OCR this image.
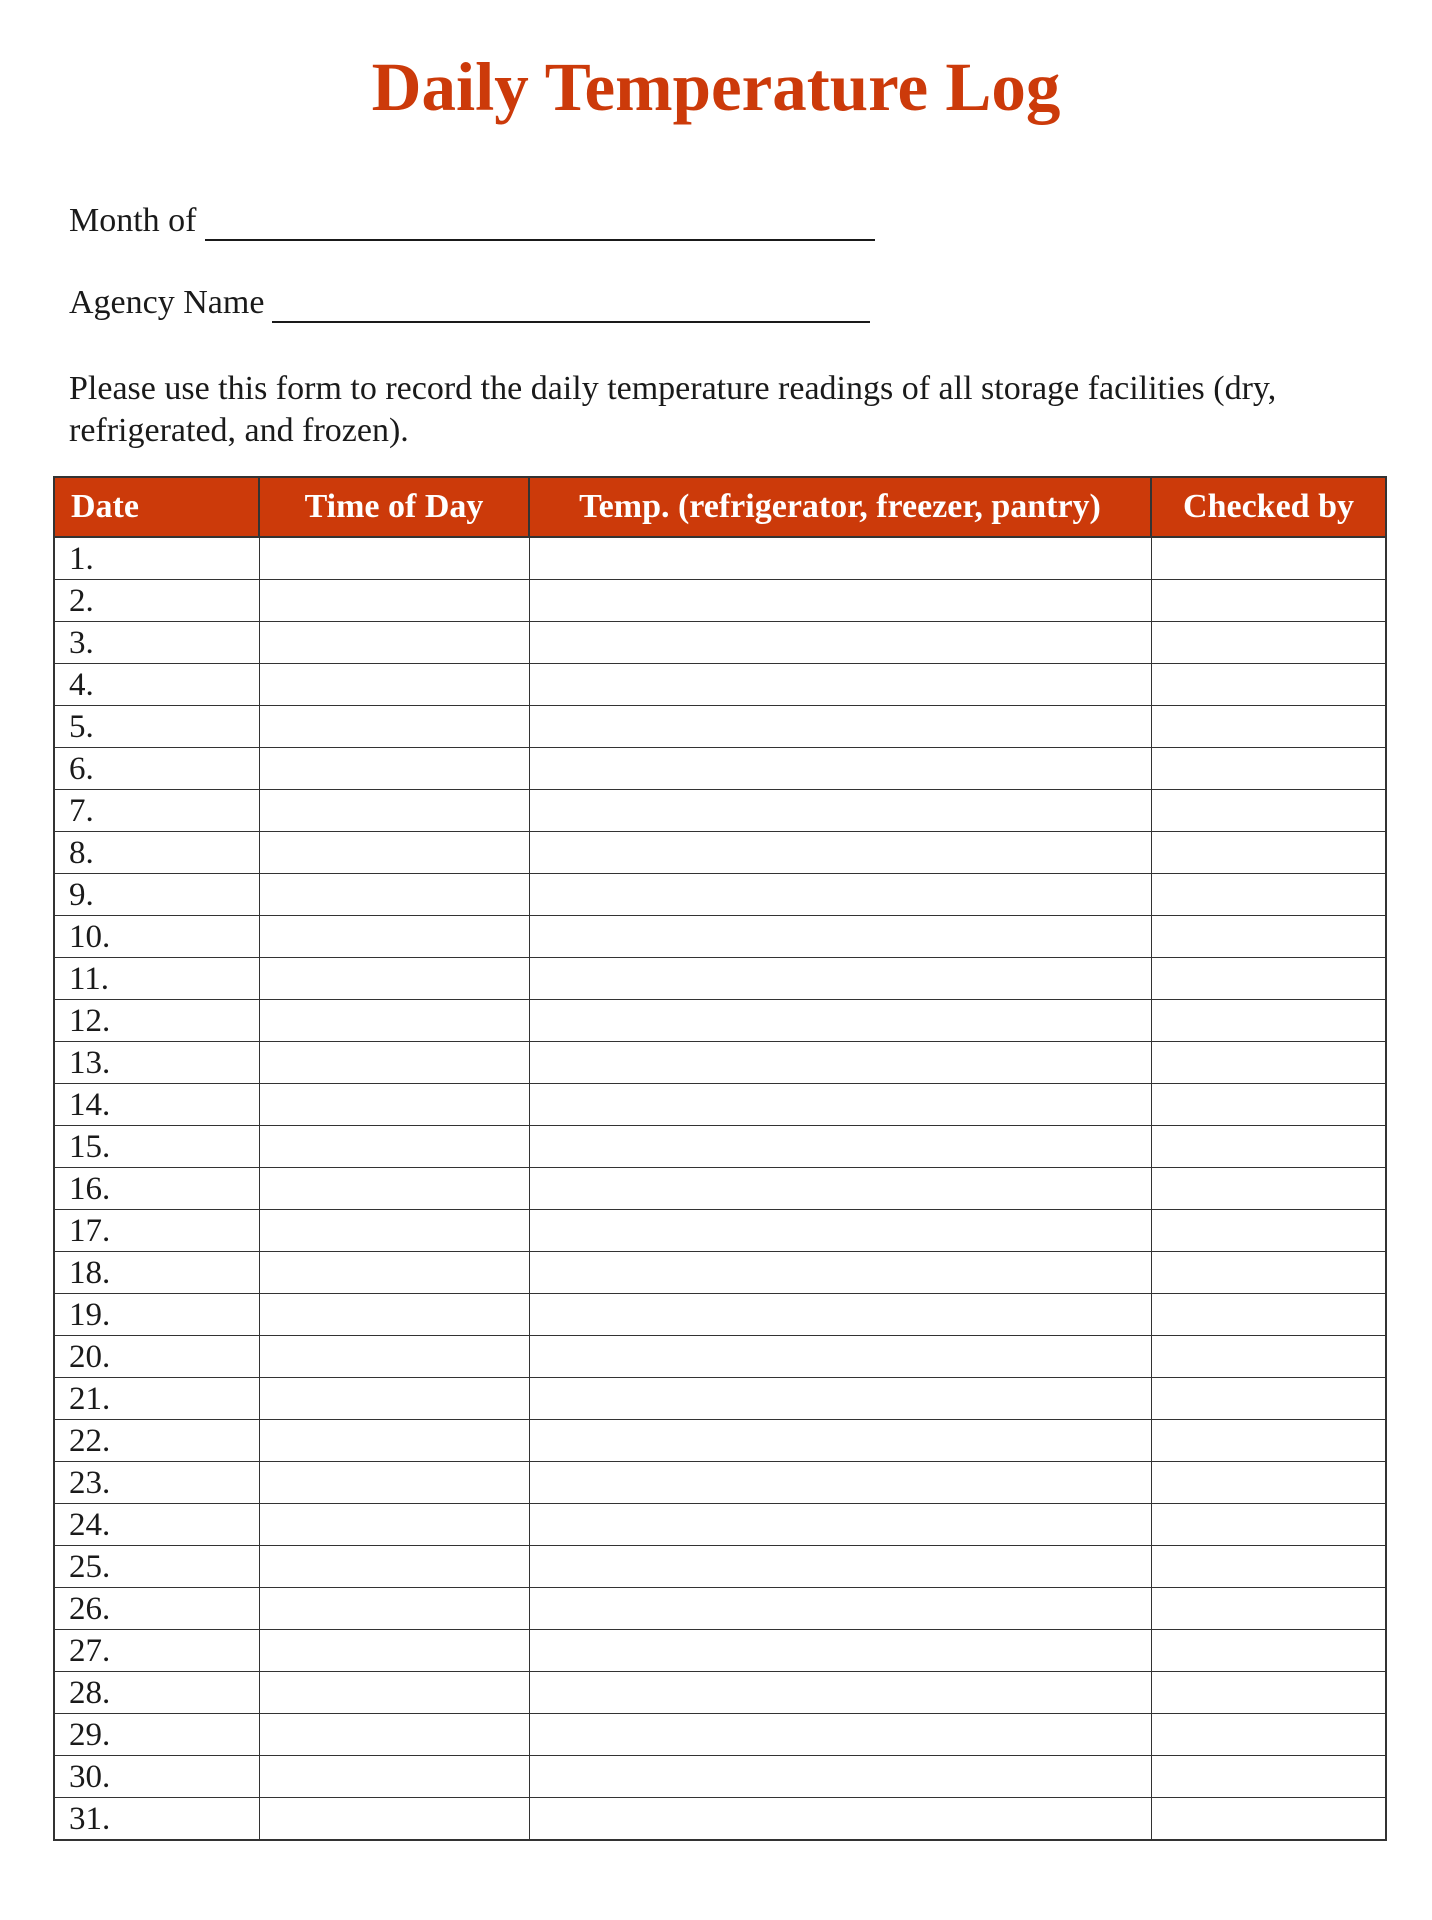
Daily Temperature Log
Month of
Agency Name
Please use this form to record the daily temperature readings of all storage facilities (dry, refrigerated, and frozen).
Date	Time of Day	Temp. (refrigerator, freezer, pantry)	Checked by
1.			
2.			
3.			
4.			
5.			
6.			
7.			
8.			
9.			
10.			
11.			
12.			
13.			
14.			
15.			
16.			
17.			
18.			
19.			
20.			
21.			
22.			
23.			
24.			
25.			
26.			
27.			
28.			
29.			
30.			
31.			
